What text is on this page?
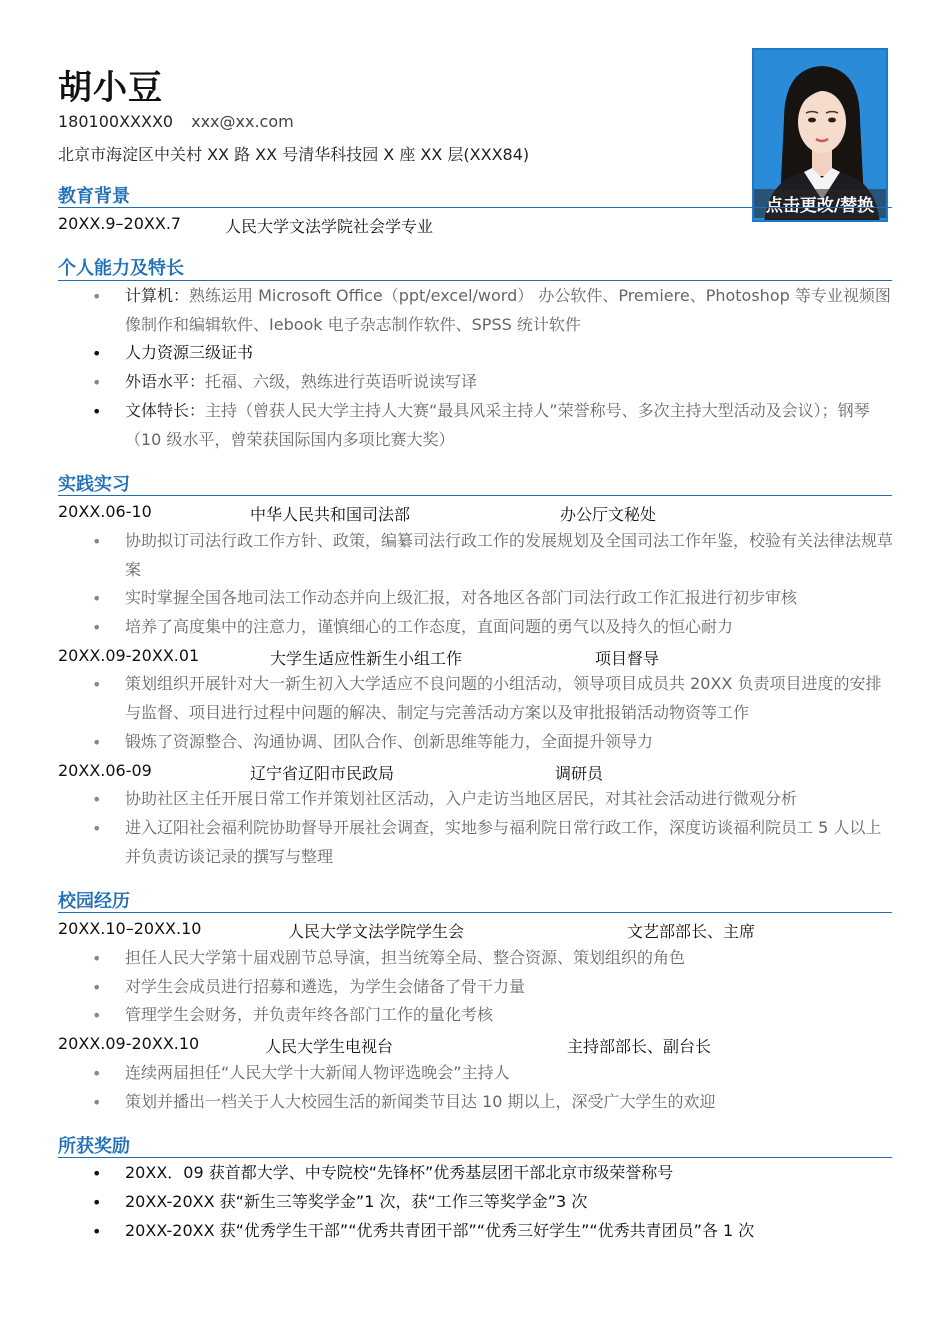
胡小豆
180100XXXX0 xxx@xx.com
北京市海淀区中关村 XX 路 XX 号清华科技园 X 座 XX 层(XXX84)
点击更改/替换
教育背景
20XX.9–20XX.7	人民大学文法学院社会学专业
个人能力及特长
• 计算机：熟练运用 Microsoft Office（ppt/excel/word） 办公软件、Premiere、Photoshop 等专业视频图像制作和编辑软件、Iebook 电子杂志制作软件、SPSS 统计软件
• 人力资源三级证书
• 外语水平：托福、六级，熟练进行英语听说读写译
• 文体特长：主持（曾获人民大学主持人大赛“最具风采主持人”荣誉称号、多次主持大型活动及会议）；钢琴（10 级水平，曾荣获国际国内多项比赛大奖）
实践实习
20XX.06-10	中华人民共和国司法部	办公厅文秘处
• 协助拟订司法行政工作方针、政策，编纂司法行政工作的发展规划及全国司法工作年鉴，校验有关法律法规草案
• 实时掌握全国各地司法工作动态并向上级汇报，对各地区各部门司法行政工作汇报进行初步审核
• 培养了高度集中的注意力，谨慎细心的工作态度，直面问题的勇气以及持久的恒心耐力
20XX.09-20XX.01	大学生适应性新生小组工作	项目督导
• 策划组织开展针对大一新生初入大学适应不良问题的小组活动，领导项目成员共 20XX 负责项目进度的安排与监督、项目进行过程中问题的解决、制定与完善活动方案以及审批报销活动物资等工作
• 锻炼了资源整合、沟通协调、团队合作、创新思维等能力，全面提升领导力
20XX.06-09	辽宁省辽阳市民政局	调研员
• 协助社区主任开展日常工作并策划社区活动，入户走访当地区居民，对其社会活动进行微观分析
• 进入辽阳社会福利院协助督导开展社会调查，实地参与福利院日常行政工作，深度访谈福利院员工 5 人以上并负责访谈记录的撰写与整理
校园经历
20XX.10–20XX.10	人民大学文法学院学生会	文艺部部长、主席
• 担任人民大学第十届戏剧节总导演，担当统筹全局、整合资源、策划组织的角色
• 对学生会成员进行招募和遴选，为学生会储备了骨干力量
• 管理学生会财务，并负责年终各部门工作的量化考核
20XX.09-20XX.10	人民大学生电视台	主持部部长、副台长
• 连续两届担任“人民大学十大新闻人物评选晚会”主持人
• 策划并播出一档关于人大校园生活的新闻类节目达 10 期以上，深受广大学生的欢迎
所获奖励
• 20XX．09 获首都大学、中专院校“先锋杯”优秀基层团干部北京市级荣誉称号
• 20XX-20XX 获“新生三等奖学金”1 次，获“工作三等奖学金”3 次
• 20XX-20XX 获“优秀学生干部”“优秀共青团干部”“优秀三好学生”“优秀共青团员”各 1 次
